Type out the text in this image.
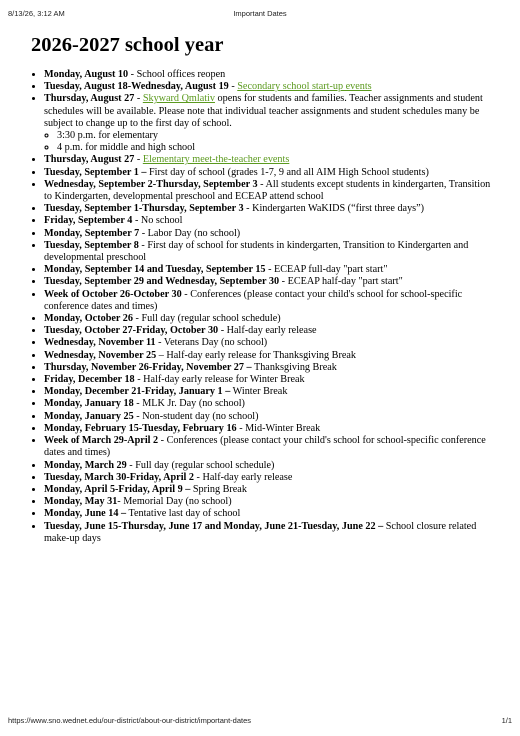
8/13/26, 3:12 AM	Important Dates
2026-2027 school year
• Monday, August 10 - School offices reopen
• Tuesday, August 18-Wednesday, August 19 - Secondary school start-up events
• Thursday, August 27 - Skyward Qmlativ opens for students and families. Teacher assignments and student schedules will be available. Please note that individual teacher assignments and student schedules many be subject to change up to the first day of school.
◦ 3:30 p.m. for elementary
◦ 4 p.m. for middle and high school
• Thursday, August 27 - Elementary meet-the-teacher events
• Tuesday, September 1 – First day of school (grades 1-7, 9 and all AIM High School students)
• Wednesday, September 2-Thursday, September 3 - All students except students in kindergarten, Transition to Kindergarten, developmental preschool and ECEAP attend school
• Tuesday, September 1-Thursday, September 3 - Kindergarten WaKIDS (“first three days”)
• Friday, September 4 - No school
• Monday, September 7 - Labor Day (no school)
• Tuesday, September 8 - First day of school for students in kindergarten, Transition to Kindergarten and developmental preschool
• Monday, September 14 and Tuesday, September 15 - ECEAP full-day "part start"
• Tuesday, September 29 and Wednesday, September 30 - ECEAP half-day "part start"
• Week of October 26-October 30 - Conferences (please contact your child's school for school-specific conference dates and times)
• Monday, October 26 - Full day (regular school schedule)
• Tuesday, October 27-Friday, October 30 - Half-day early release
• Wednesday, November 11 - Veterans Day (no school)
• Wednesday, November 25 – Half-day early release for Thanksgiving Break
• Thursday, November 26-Friday, November 27 – Thanksgiving Break
• Friday, December 18 - Half-day early release for Winter Break
• Monday, December 21-Friday, January 1 – Winter Break
• Monday, January 18 - MLK Jr. Day (no school)
• Monday, January 25 - Non-student day (no school)
• Monday, February 15-Tuesday, February 16 - Mid-Winter Break
• Week of March 29-April 2 - Conferences (please contact your child's school for school-specific conference dates and times)
• Monday, March 29 - Full day (regular school schedule)
• Tuesday, March 30-Friday, April 2 - Half-day early release
• Monday, April 5-Friday, April 9 – Spring Break
• Monday, May 31- Memorial Day (no school)
• Monday, June 14 – Tentative last day of school
• Tuesday, June 15-Thursday, June 17 and Monday, June 21-Tuesday, June 22 – School closure related make-up days
https://www.sno.wednet.edu/our-district/about-our-district/important-dates	1/1
